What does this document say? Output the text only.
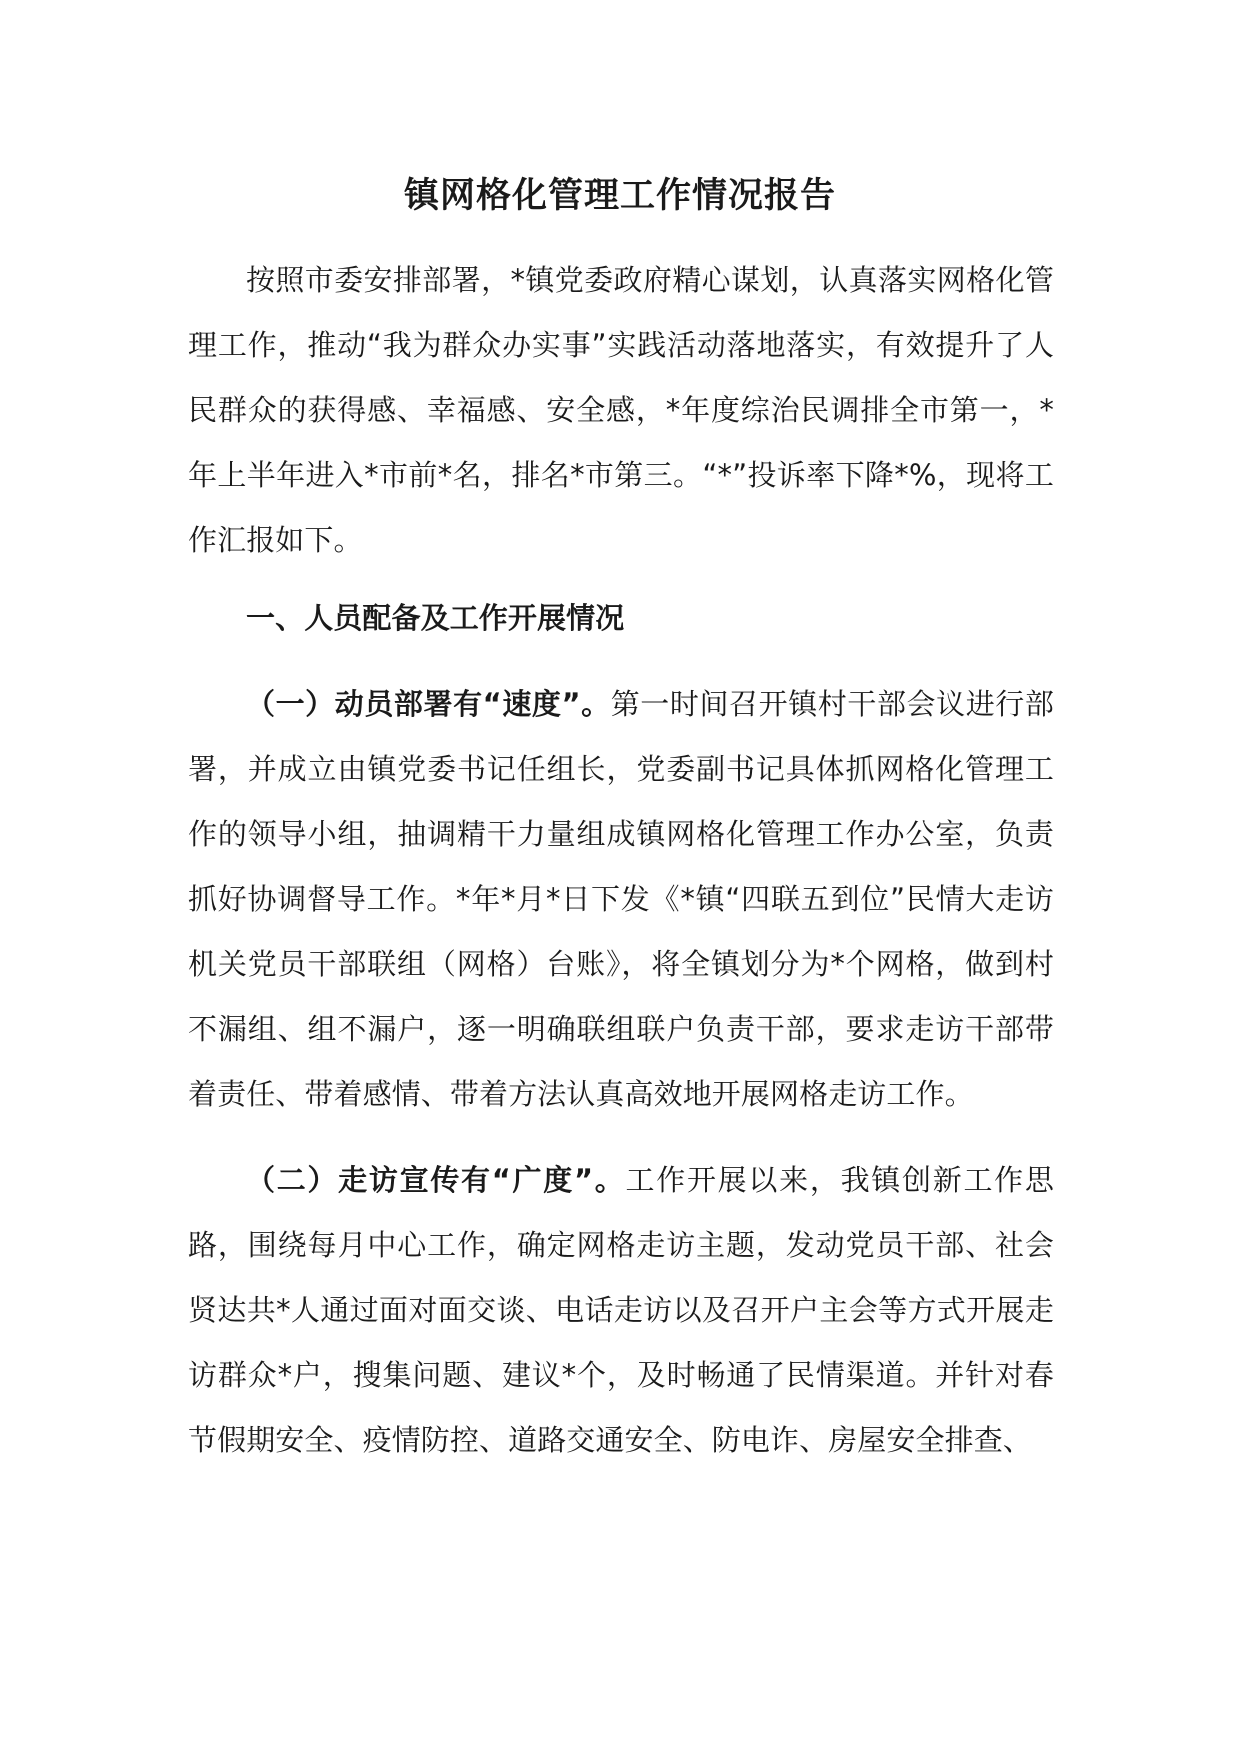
镇网格化管理工作情况报告

按照市委安排部署，*镇党委政府精心谋划，认真落实网格化管理工作，推动“我为群众办实事”实践活动落地落实，有效提升了人民群众的获得感、幸福感、安全感，*年度综治民调排全市第一，*年上半年进入*市前*名，排名*市第三。“*”投诉率下降*%，现将工作汇报如下。

一、人员配备及工作开展情况

（一）动员部署有“速度”。第一时间召开镇村干部会议进行部署，并成立由镇党委书记任组长，党委副书记具体抓网格化管理工作的领导小组，抽调精干力量组成镇网格化管理工作办公室，负责抓好协调督导工作。*年*月*日下发《*镇“四联五到位”民情大走访机关党员干部联组（网格）台账》，将全镇划分为*个网格，做到村不漏组、组不漏户，逐一明确联组联户负责干部，要求走访干部带着责任、带着感情、带着方法认真高效地开展网格走访工作。

（二）走访宣传有“广度”。工作开展以来，我镇创新工作思路，围绕每月中心工作，确定网格走访主题，发动党员干部、社会贤达共*人通过面对面交谈、电话走访以及召开户主会等方式开展走访群众*户，搜集问题、建议*个，及时畅通了民情渠道。并针对春节假期安全、疫情防控、道路交通安全、防电诈、房屋安全排查、
